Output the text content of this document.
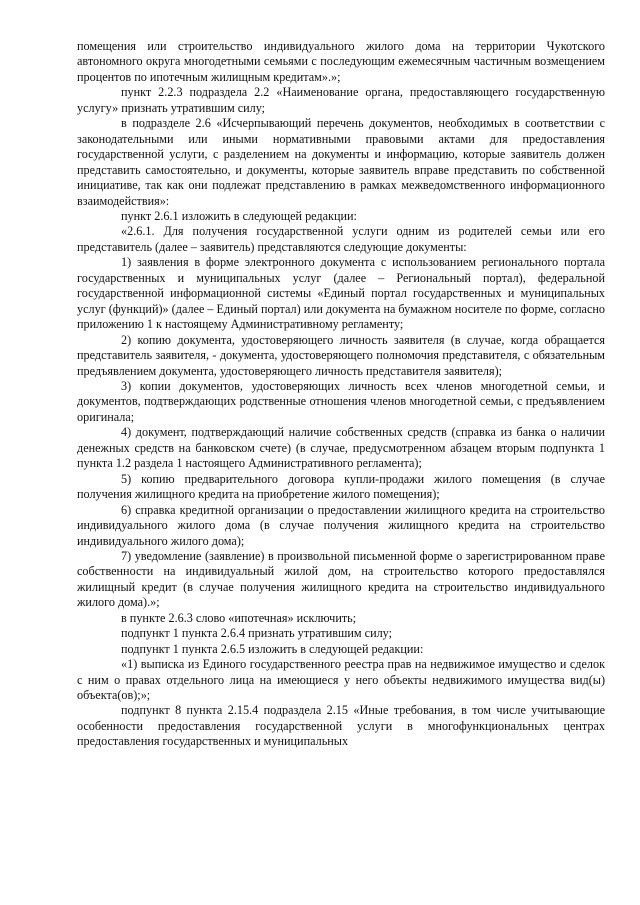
помещения или строительство индивидуального жилого дома на территории Чукотского автономного округа многодетными семьями с последующим ежемесячным частичным возмещением процентов по ипотечным жилищным кредитам».»;

пункт 2.2.3 подраздела 2.2 «Наименование органа, предоставляющего государственную услугу» признать утратившим силу;

в подразделе 2.6 «Исчерпывающий перечень документов, необходимых в соответствии с законодательными или иными нормативными правовыми актами для предоставления государственной услуги, с разделением на документы и информацию, которые заявитель должен представить самостоятельно, и документы, которые заявитель вправе представить по собственной инициативе, так как они подлежат представлению в рамках межведомственного информационного взаимодействия»:

пункт 2.6.1 изложить в следующей редакции:

«2.6.1. Для получения государственной услуги одним из родителей семьи или его представитель (далее – заявитель) представляются следующие документы:

1) заявления в форме электронного документа с использованием регионального портала государственных и муниципальных услуг (далее – Региональный портал), федеральной государственной информационной системы «Единый портал государственных и муниципальных услуг (функций)» (далее – Единый портал) или документа на бумажном носителе по форме, согласно приложению 1 к настоящему Административному регламенту;

2) копию документа, удостоверяющего личность заявителя (в случае, когда обращается представитель заявителя, - документа, удостоверяющего полномочия представителя, с обязательным предъявлением документа, удостоверяющего личность представителя заявителя);

3) копии документов, удостоверяющих личность всех членов многодетной семьи, и документов, подтверждающих родственные отношения членов многодетной семьи, с предъявлением оригинала;

4) документ, подтверждающий наличие собственных средств (справка из банка о наличии денежных средств на банковском счете) (в случае, предусмотренном абзацем вторым подпункта 1 пункта 1.2 раздела 1 настоящего Административного регламента);

5) копию предварительного договора купли-продажи жилого помещения (в случае получения жилищного кредита на приобретение жилого помещения);

6) справка кредитной организации о предоставлении жилищного кредита на строительство индивидуального жилого дома (в случае получения жилищного кредита на строительство индивидуального жилого дома);

7) уведомление (заявление) в произвольной письменной форме о зарегистрированном праве собственности на индивидуальный жилой дом, на строительство которого предоставлялся жилищный кредит (в случае получения жилищного кредита на строительство индивидуального жилого дома).»;

в пункте 2.6.3 слово «ипотечная» исключить;

подпункт 1 пункта 2.6.4 признать утратившим силу;

подпункт 1 пункта 2.6.5 изложить в следующей редакции:

«1) выписка из Единого государственного реестра прав на недвижимое имущество и сделок с ним о правах отдельного лица на имеющиеся у него объекты недвижимого имущества вид(ы) объекта(ов);»;

подпункт 8 пункта 2.15.4 подраздела 2.15 «Иные требования, в том числе учитывающие особенности предоставления государственной услуги в многофункциональных центрах предоставления государственных и муниципальных
